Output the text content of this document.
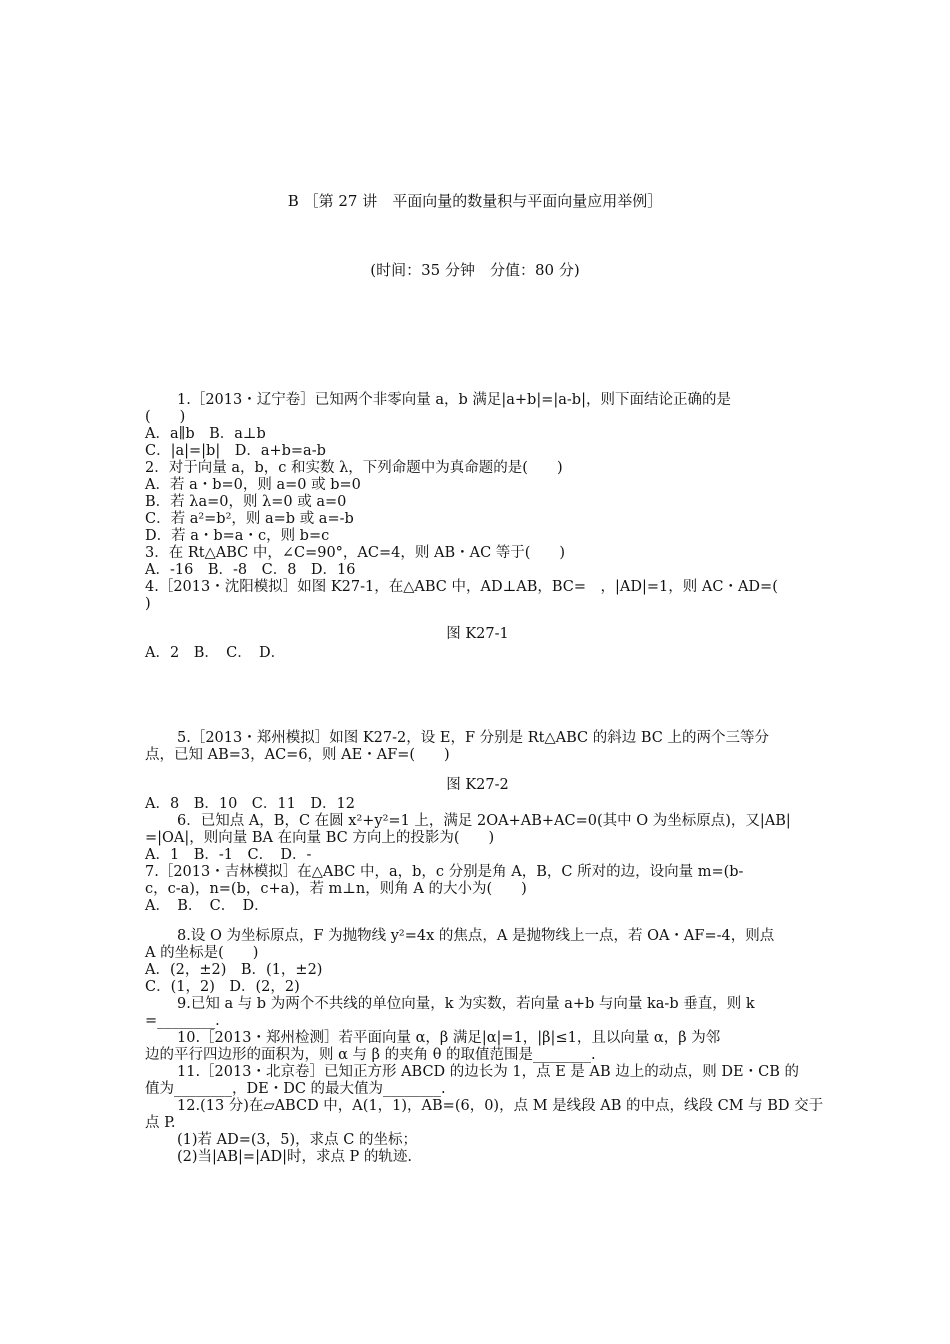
B ［第 27 讲　平面向量的数量积与平面向量应用举例］
(时间：35 分钟　分值：80 分)
1.［2013・辽宁卷］已知两个非零向量 a，b 满足|a+b|=|a-b|，则下面结论正确的是
(　　)
A．a∥b　B．a⊥b
C．|a|=|b|　D．a+b=a-b
2．对于向量 a，b，c 和实数 λ，下列命题中为真命题的是(　　)
A．若 a・b=0，则 a=0 或 b=0
B．若 λa=0，则 λ=0 或 a=0
C．若 a²=b²，则 a=b 或 a=-b
D．若 a・b=a・c，则 b=c
3．在 Rt△ABC 中，∠C=90°，AC=4，则 AB・AC 等于(　　)
A．-16　B．-8　C．8　D．16
4.［2013・沈阳模拟］如图 K27-1，在△ABC 中，AD⊥AB，BC=　，|AD|=1，则 AC・AD=(
)
图 K27-1
A．2　B．　C．　D．
5.［2013・郑州模拟］如图 K27-2，设 E，F 分别是 Rt△ABC 的斜边 BC 上的两个三等分
点，已知 AB=3，AC=6，则 AE・AF=(　　)
图 K27-2
A．8　B．10　C．11　D．12
6．已知点 A，B，C 在圆 x²+y²=1 上，满足 2OA+AB+AC=0(其中 O 为坐标原点)，又|AB|
=|OA|，则向量 BA 在向量 BC 方向上的投影为(　　)
A．1　B．-1　C．　D．-
7.［2013・吉林模拟］在△ABC 中，a，b，c 分别是角 A，B，C 所对的边，设向量 m=(b-
c，c-a)，n=(b，c+a)，若 m⊥n，则角 A 的大小为(　　)
A．　B．　C．　D．
8.设 O 为坐标原点，F 为抛物线 y²=4x 的焦点，A 是抛物线上一点，若 OA・AF=-4，则点
A 的坐标是(　　)
A．(2，±2)　B．(1，±2)
C．(1，2)　D．(2，2)
9.已知 a 与 b 为两个不共线的单位向量，k 为实数，若向量 a+b 与向量 ka-b 垂直，则 k
=________.
10.［2013・郑州检测］若平面向量 α，β 满足|α|=1，|β|≤1，且以向量 α，β 为邻
边的平行四边形的面积为，则 α 与 β 的夹角 θ 的取值范围是________.
11.［2013・北京卷］已知正方形 ABCD 的边长为 1，点 E 是 AB 边上的动点，则 DE・CB 的
值为________，DE・DC 的最大值为________.
12.(13 分)在▱ABCD 中，A(1，1)，AB=(6，0)，点 M 是线段 AB 的中点，线段 CM 与 BD 交于
点 P.
(1)若 AD=(3，5)，求点 C 的坐标；
(2)当|AB|=|AD|时，求点 P 的轨迹.
